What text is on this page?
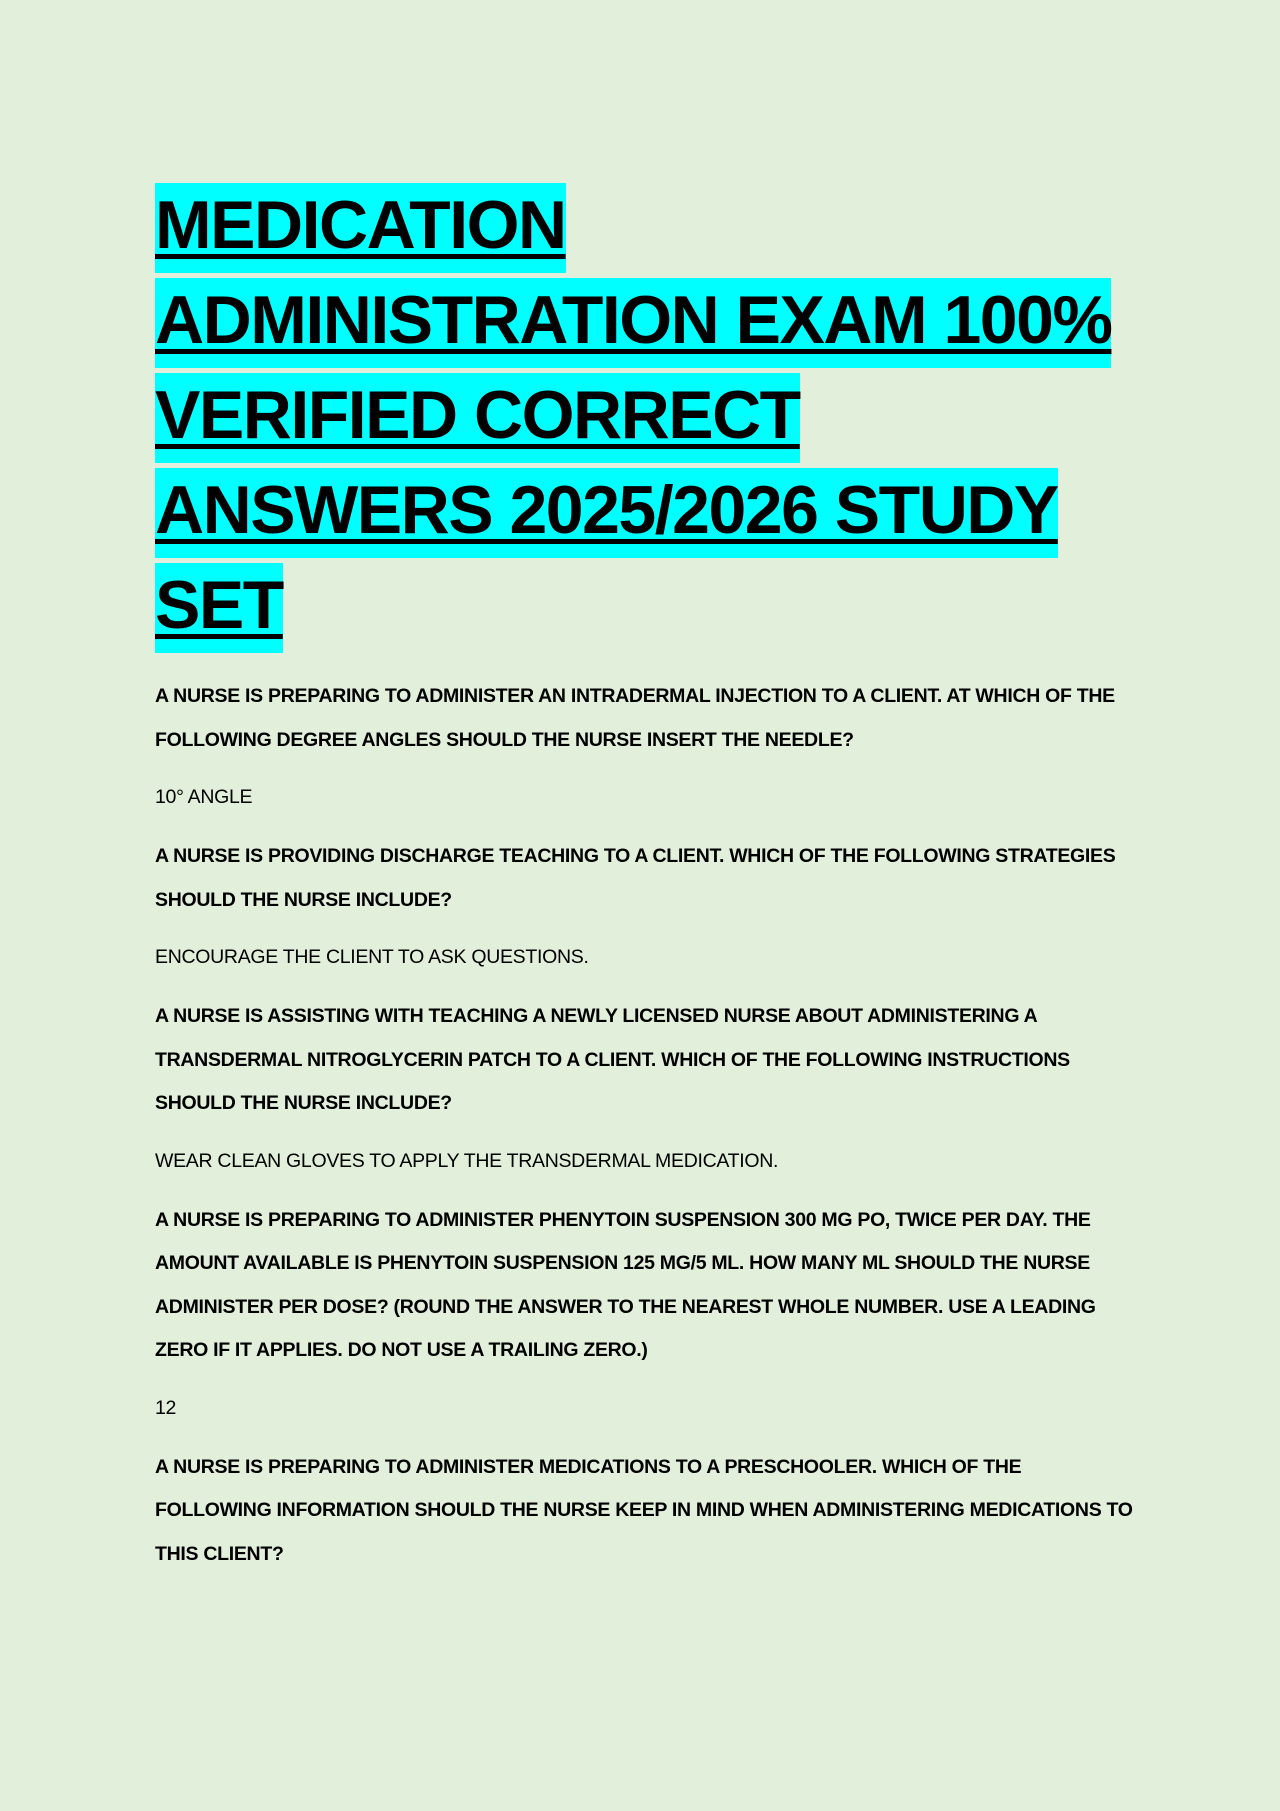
MEDICATION ADMINISTRATION EXAM 100% VERIFIED CORRECT ANSWERS 2025/2026 STUDY SET

A NURSE IS PREPARING TO ADMINISTER AN INTRADERMAL INJECTION TO A CLIENT. AT WHICH OF THE FOLLOWING DEGREE ANGLES SHOULD THE NURSE INSERT THE NEEDLE?

10° ANGLE

A NURSE IS PROVIDING DISCHARGE TEACHING TO A CLIENT. WHICH OF THE FOLLOWING STRATEGIES SHOULD THE NURSE INCLUDE?

ENCOURAGE THE CLIENT TO ASK QUESTIONS.

A NURSE IS ASSISTING WITH TEACHING A NEWLY LICENSED NURSE ABOUT ADMINISTERING A TRANSDERMAL NITROGLYCERIN PATCH TO A CLIENT. WHICH OF THE FOLLOWING INSTRUCTIONS SHOULD THE NURSE INCLUDE?

WEAR CLEAN GLOVES TO APPLY THE TRANSDERMAL MEDICATION.

A NURSE IS PREPARING TO ADMINISTER PHENYTOIN SUSPENSION 300 MG PO, TWICE PER DAY. THE AMOUNT AVAILABLE IS PHENYTOIN SUSPENSION 125 MG/5 ML. HOW MANY ML SHOULD THE NURSE ADMINISTER PER DOSE? (ROUND THE ANSWER TO THE NEAREST WHOLE NUMBER. USE A LEADING ZERO IF IT APPLIES. DO NOT USE A TRAILING ZERO.)

12

A NURSE IS PREPARING TO ADMINISTER MEDICATIONS TO A PRESCHOOLER. WHICH OF THE FOLLOWING INFORMATION SHOULD THE NURSE KEEP IN MIND WHEN ADMINISTERING MEDICATIONS TO THIS CLIENT?
